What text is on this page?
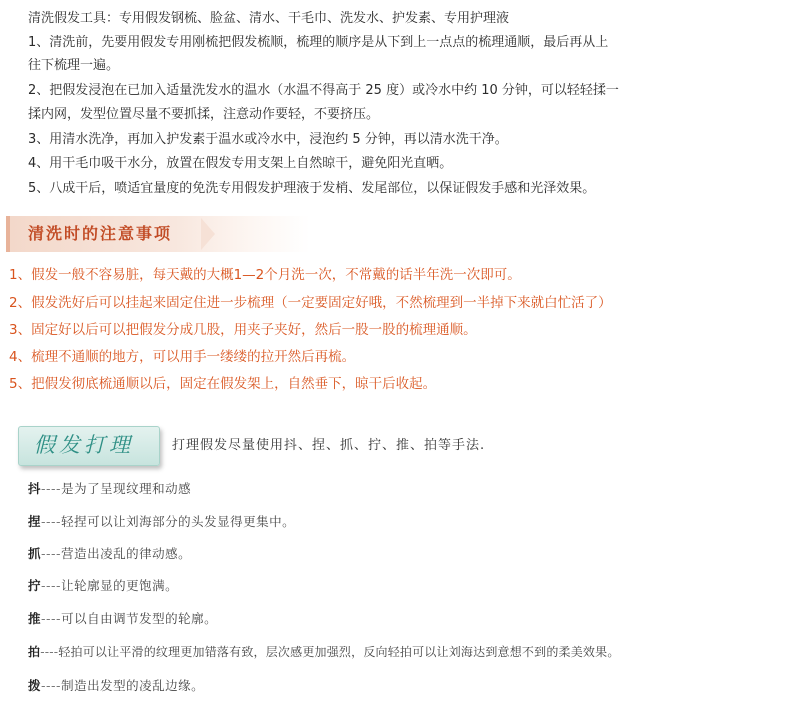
清洗假发工具：专用假发钢梳、脸盆、清水、干毛巾、洗发水、护发素、专用护理液
1、清洗前，先要用假发专用刚梳把假发梳顺，梳理的顺序是从下到上一点点的梳理通顺，最后再从上
往下梳理一遍。
2、把假发浸泡在已加入适量洗发水的温水（水温不得高于 25 度）或冷水中约 10 分钟，可以轻轻揉一
揉内网，发型位置尽量不要抓揉，注意动作要轻，不要挤压。
3、用清水洗净，再加入护发素于温水或冷水中，浸泡约 5 分钟，再以清水洗干净。
4、用干毛巾吸干水分，放置在假发专用支架上自然晾干，避免阳光直晒。
5、八成干后，喷适宜量度的免洗专用假发护理液于发梢、发尾部位，以保证假发手感和光泽效果。
清洗时的注意事项
1、假发一般不容易脏，每天戴的大概1—2个月洗一次，不常戴的话半年洗一次即可。
2、假发洗好后可以挂起来固定住进一步梳理（一定要固定好哦，不然梳理到一半掉下来就白忙活了）
3、固定好以后可以把假发分成几股，用夹子夹好，然后一股一股的梳理通顺。
4、梳理不通顺的地方，可以用手一缕缕的拉开然后再梳。
5、把假发彻底梳通顺以后，固定在假发架上，自然垂下，晾干后收起。
假发打理	打理假发尽量使用抖、捏、抓、拧、推、拍等手法.
抖----是为了呈现纹理和动感
捏----轻捏可以让刘海部分的头发显得更集中。
抓----营造出凌乱的律动感。
拧----让轮廓显的更饱满。
推----可以自由调节发型的轮廓。
拍----轻拍可以让平滑的纹理更加错落有致，层次感更加强烈，反向轻拍可以让刘海达到意想不到的柔美效果。
拨----制造出发型的凌乱边缘。
